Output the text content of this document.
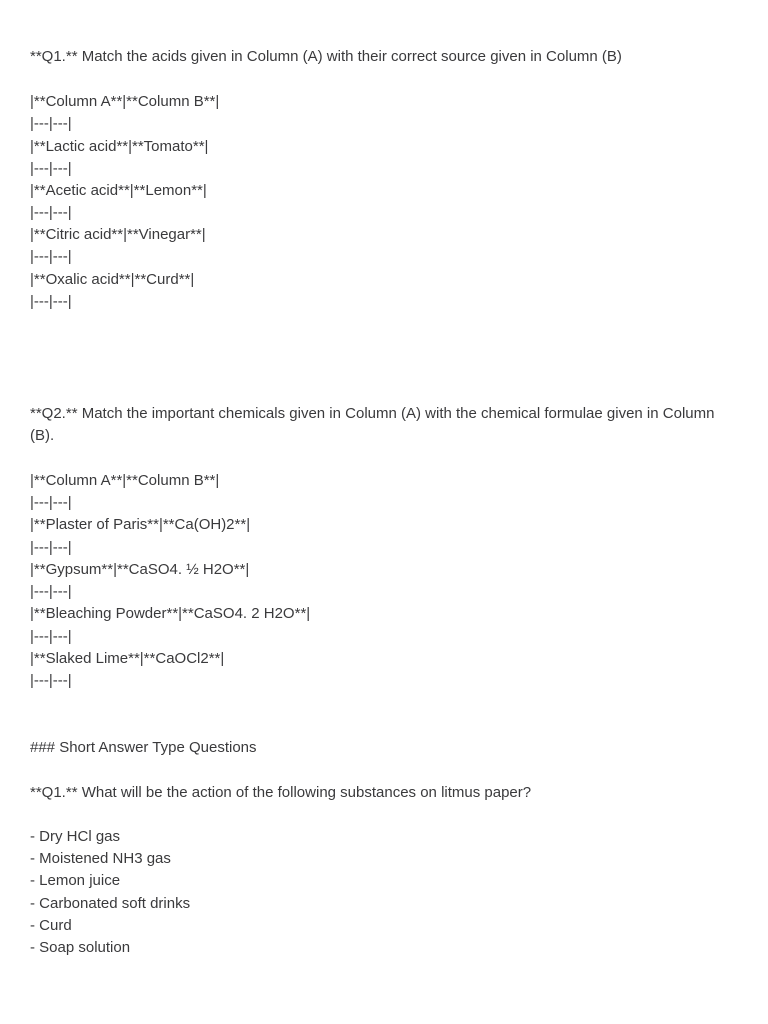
**Q1.** Match the acids given in Column (A) with their correct source given in Column (B)

|**Column A**|**Column B**|

|---|---|

|**Lactic acid**|**Tomato**|

|---|---|

|**Acetic acid**|**Lemon**|

|---|---|

|**Citric acid**|**Vinegar**|

|---|---|

|**Oxalic acid**|**Curd**|

|---|---|

**Q2.** Match the important chemicals given in Column (A) with the chemical formulae given in Column (B).

|**Column A**|**Column B**|

|---|---|

|**Plaster of Paris**|**Ca(OH)2**|

|---|---|

|**Gypsum**|**CaSO4. ½ H2O**|

|---|---|

|**Bleaching Powder**|**CaSO4. 2 H2O**|

|---|---|

|**Slaked Lime**|**CaOCl2**|

|---|---|

### Short Answer Type Questions

**Q1.** What will be the action of the following substances on litmus paper?

- Dry HCl gas

- Moistened NH3 gas

- Lemon juice

- Carbonated soft drinks

- Curd

- Soap solution
